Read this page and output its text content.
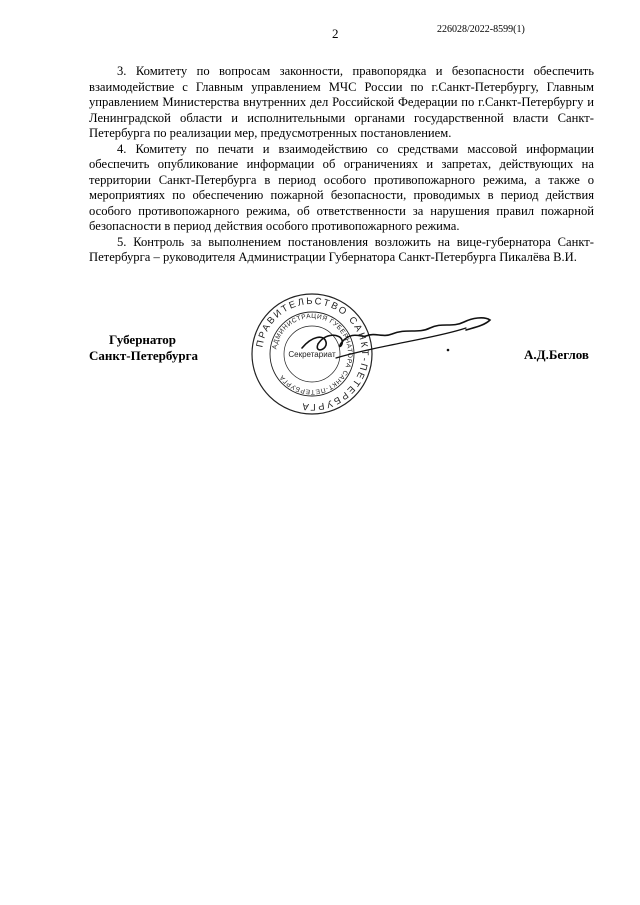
2	226028/2022-8599(1)

3. Комитету по вопросам законности, правопорядка и безопасности обеспечить взаимодействие с Главным управлением МЧС России по г.Санкт-Петербургу, Главным управлением Министерства внутренних дел Российской Федерации по г.Санкт-Петербургу и Ленинградской области и исполнительными органами государственной власти Санкт-Петербурга по реализации мер, предусмотренных постановлением.

4. Комитету по печати и взаимодействию со средствами массовой информации обеспечить опубликование информации об ограничениях и запретах, действующих на территории Санкт-Петербурга в период особого противопожарного режима, а также о мероприятиях по обеспечению пожарной безопасности, проводимых в период действия особого противопожарного режима, об ответственности за нарушения правил пожарной безопасности в период действия особого противопожарного режима.

5. Контроль за выполнением постановления возложить на вице-губернатора Санкт-Петербурга – руководителя Администрации Губернатора Санкт-Петербурга Пикалёва В.И.

Губернатор
Санкт-Петербурга
ПРАВИТЕЛЬСТВО САНКТ-ПЕТЕРБУРГА
АДМИНИСТРАЦИЯ ГУБЕРНАТОРА САНКТ-ПЕТЕРБУРГА
Секретариат	А.Д.Беглов
